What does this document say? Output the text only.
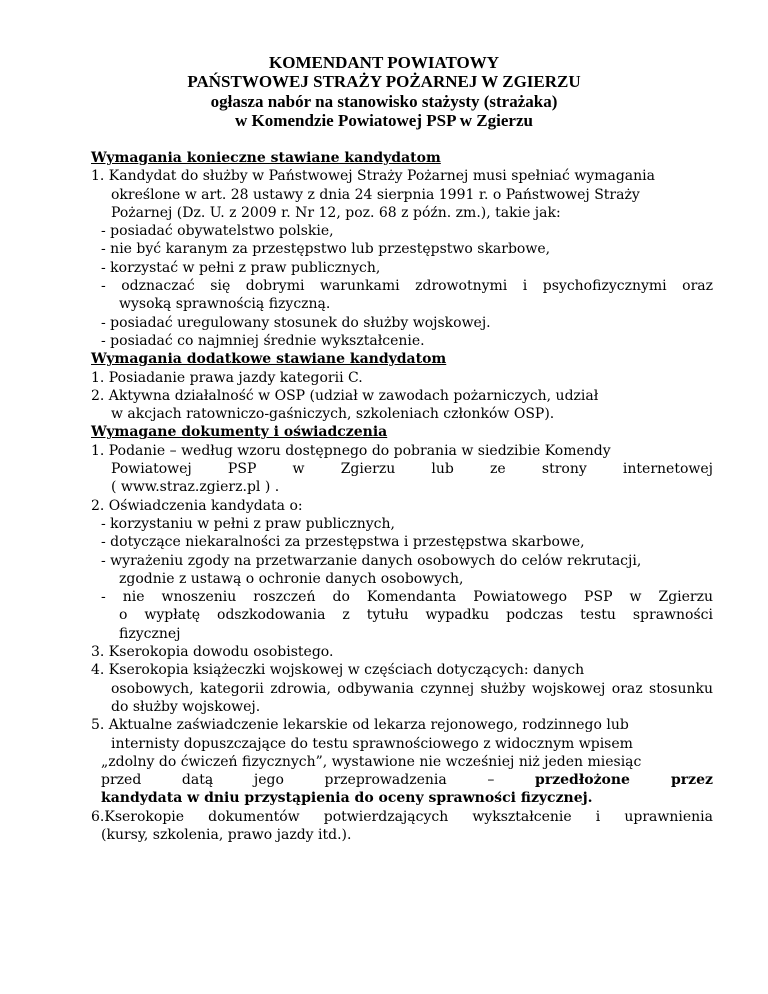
KOMENDANT POWIATOWY
PAŃSTWOWEJ STRAŻY POŻARNEJ W ZGIERZU
ogłasza nabór na stanowisko stażysty (strażaka)
w Komendzie Powiatowej PSP w Zgierzu
Wymagania konieczne stawiane kandydatom
1. Kandydat do służby w Państwowej Straży Pożarnej musi spełniać wymagania
określone w art. 28 ustawy z dnia 24 sierpnia 1991 r. o Państwowej Straży
Pożarnej (Dz. U. z 2009 r. Nr 12, poz. 68 z późn. zm.), takie jak:
- posiadać obywatelstwo polskie,
- nie być karanym za przestępstwo lub przestępstwo skarbowe,
- korzystać w pełni z praw publicznych,
- odznaczać się dobrymi warunkami zdrowotnymi i psychofizycznymi oraz
wysoką sprawnością fizyczną.
- posiadać uregulowany stosunek do służby wojskowej.
- posiadać co najmniej średnie wykształcenie.
Wymagania dodatkowe stawiane kandydatom
1. Posiadanie prawa jazdy kategorii C.
2. Aktywna działalność w OSP (udział w zawodach pożarniczych, udział
w akcjach ratowniczo-gaśniczych, szkoleniach członków OSP).
Wymagane dokumenty i oświadczenia
1. Podanie – według wzoru dostępnego do pobrania w siedzibie Komendy
Powiatowej PSP w Zgierzu lub ze strony internetowej
( www.straz.zgierz.pl ) .
2. Oświadczenia kandydata o:
- korzystaniu w pełni z praw publicznych,
- dotyczące niekaralności za przestępstwa i przestępstwa skarbowe,
- wyrażeniu zgody na przetwarzanie danych osobowych do celów rekrutacji,
zgodnie z ustawą o ochronie danych osobowych,
- nie wnoszeniu roszczeń do Komendanta Powiatowego PSP w Zgierzu
o wypłatę odszkodowania z tytułu wypadku podczas testu sprawności
fizycznej
3. Kserokopia dowodu osobistego.
4. Kserokopia książeczki wojskowej w częściach dotyczących: danych
osobowych, kategorii zdrowia, odbywania czynnej służby wojskowej oraz stosunku
do służby wojskowej.
5. Aktualne zaświadczenie lekarskie od lekarza rejonowego, rodzinnego lub
internisty dopuszczające do testu sprawnościowego z widocznym wpisem
„zdolny do ćwiczeń fizycznych”, wystawione nie wcześniej niż jeden miesiąc
przed datą jego przeprowadzenia –	przedłożone przez
kandydata w dniu przystąpienia do oceny sprawności fizycznej.
6.Kserokopie dokumentów potwierdzających wykształcenie i uprawnienia
(kursy, szkolenia, prawo jazdy itd.).
